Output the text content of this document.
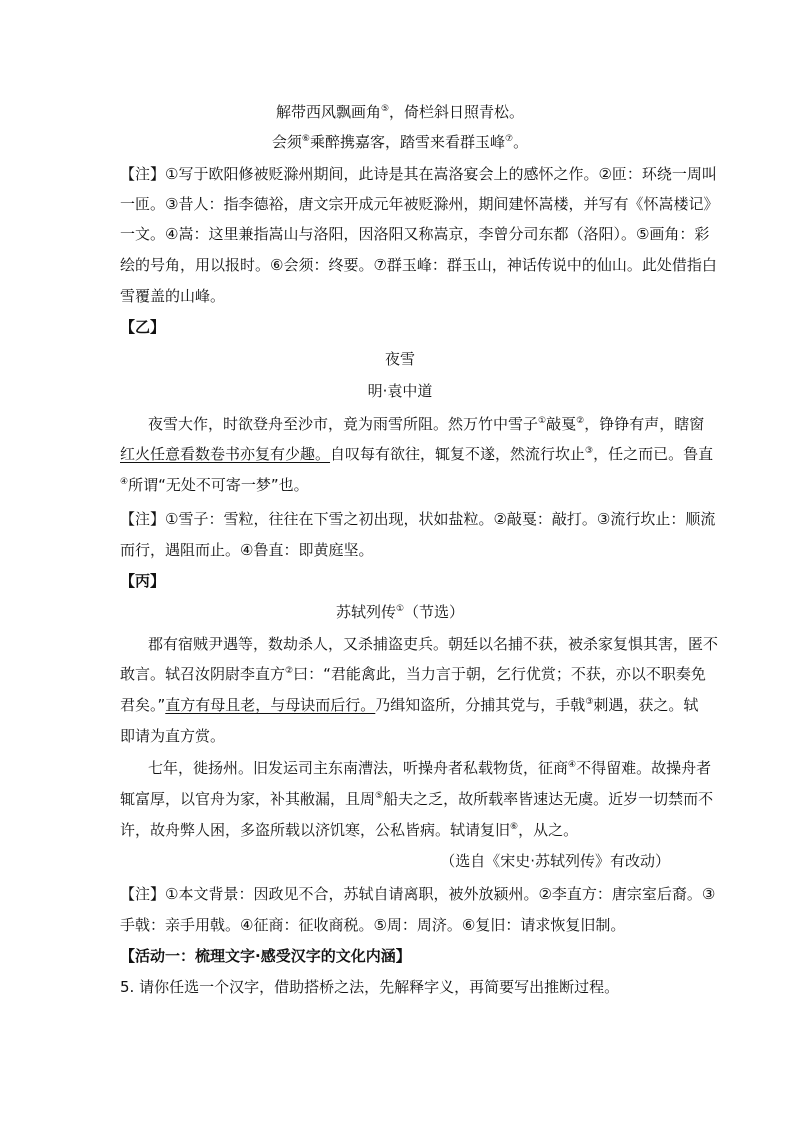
解带西风飘画角⑤，倚栏斜日照青松。
会须⑥乘醉携嘉客，踏雪来看群玉峰⑦。
【注】①写于欧阳修被贬滁州期间，此诗是其在嵩洛宴会上的感怀之作。②匝：环绕一周叫
一匝。③昔人：指李德裕，唐文宗开成元年被贬滁州，期间建怀嵩楼，并写有《怀嵩楼记》
一文。④嵩：这里兼指嵩山与洛阳，因洛阳又称嵩京，李曾分司东都（洛阳）。⑤画角：彩
绘的号角，用以报时。⑥会须：终要。⑦群玉峰：群玉山，神话传说中的仙山。此处借指白
雪覆盖的山峰。
【乙】
夜雪
明·袁中道
夜雪大作，时欲登舟至沙市，竟为雨雪所阻。然万竹中雪子①敲戛②，铮铮有声，瞎窗
红火任意看数卷书亦复有少趣。自叹每有欲往，辄复不遂，然流行坎止③，任之而已。鲁直
④所谓“无处不可寄一梦”也。
【注】①雪子：雪粒，往往在下雪之初出现，状如盐粒。②敲戛：敲打。③流行坎止：顺流
而行，遇阻而止。④鲁直：即黄庭坚。
【丙】
苏轼列传①（节选）
郡有宿贼尹遇等，数劫杀人，又杀捕盗吏兵。朝廷以名捕不获，被杀家复惧其害，匿不
敢言。轼召汝阴尉李直方②曰：“君能禽此，当力言于朝，乞行优赏；不获，亦以不职奏免
君矣。”直方有母且老，与母诀而后行。乃缉知盗所，分捕其党与，手戟③刺遇，获之。轼
即请为直方赏。
七年，徙扬州。旧发运司主东南漕法，听操舟者私载物货，征商④不得留难。故操舟者
辄富厚，以官舟为家，补其敝漏，且周⑤船夫之乏，故所载率皆速达无虞。近岁一切禁而不
许，故舟弊人困，多盗所载以济饥寒，公私皆病。轼请复旧⑥，从之。
（选自《宋史·苏轼列传》有改动）
【注】①本文背景：因政见不合，苏轼自请离职，被外放颍州。②李直方：唐宗室后裔。③
手戟：亲手用戟。④征商：征收商税。⑤周：周济。⑥复旧：请求恢复旧制。
【活动一：梳理文字·感受汉字的文化内涵】
5. 请你任选一个汉字，借助搭桥之法，先解释字义，再简要写出推断过程。
